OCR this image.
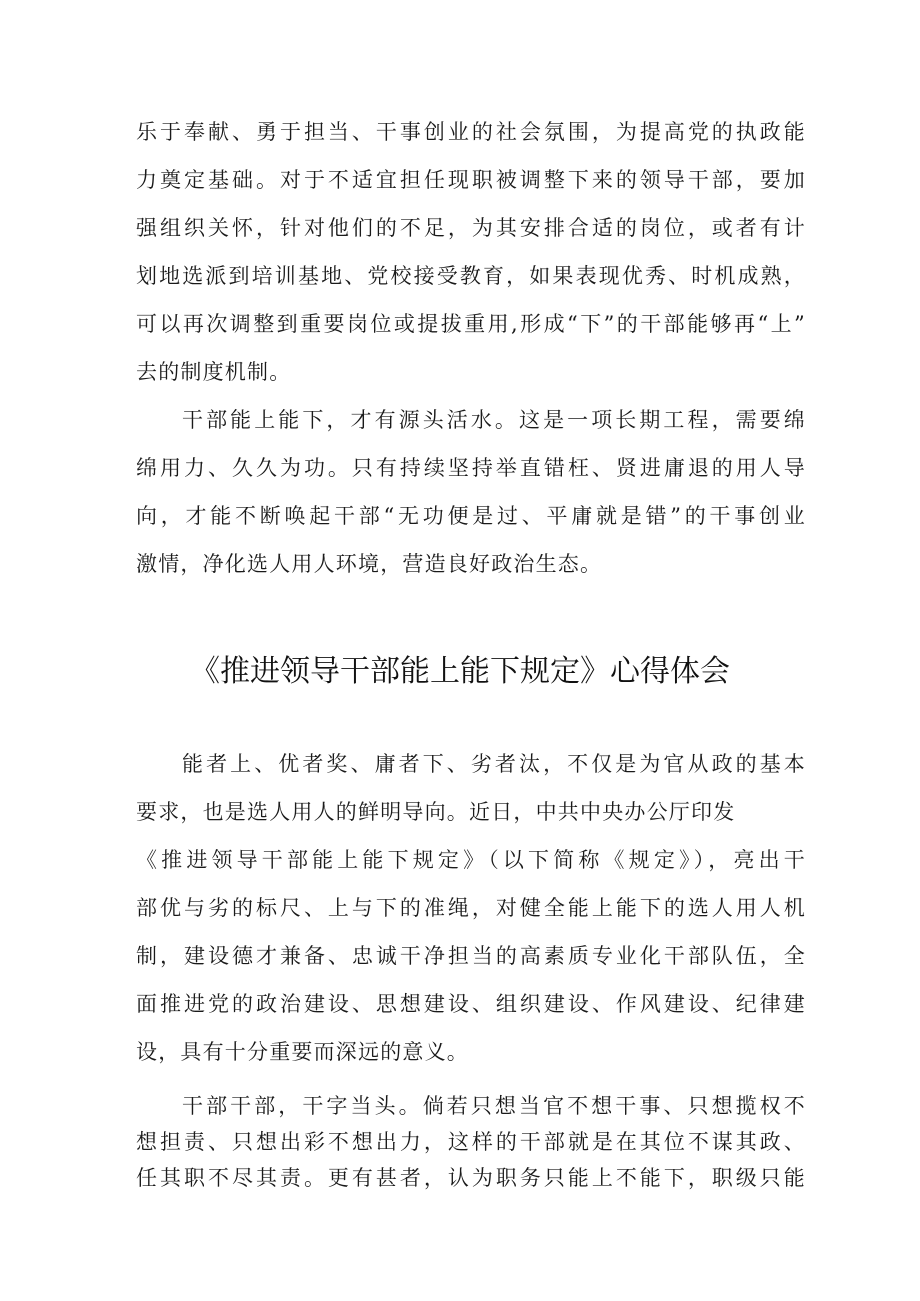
乐于奉献、勇于担当、干事创业的社会氛围，为提高党的执政能
力奠定基础。对于不适宜担任现职被调整下来的领导干部，要加
强组织关怀，针对他们的不足，为其安排合适的岗位，或者有计
划地选派到培训基地、党校接受教育，如果表现优秀、时机成熟，
可以再次调整到重要岗位或提拔重用,形成“下”的干部能够再“上”
去的制度机制。
干部能上能下，才有源头活水。这是一项长期工程，需要绵
绵用力、久久为功。只有持续坚持举直错枉、贤进庸退的用人导
向，才能不断唤起干部“无功便是过、平庸就是错”的干事创业
激情，净化选人用人环境，营造良好政治生态。
《推进领导干部能上能下规定》心得体会
能者上、优者奖、庸者下、劣者汰，不仅是为官从政的基本
要求，也是选人用人的鲜明导向。近日，中共中央办公厅印发
《推进领导干部能上能下规定》（以下简称《规定》），亮出干
部优与劣的标尺、上与下的准绳，对健全能上能下的选人用人机
制，建设德才兼备、忠诚干净担当的高素质专业化干部队伍，全
面推进党的政治建设、思想建设、组织建设、作风建设、纪律建
设，具有十分重要而深远的意义。
干部干部，干字当头。倘若只想当官不想干事、只想揽权不
想担责、只想出彩不想出力，这样的干部就是在其位不谋其政、
任其职不尽其责。更有甚者，认为职务只能上不能下，职级只能
